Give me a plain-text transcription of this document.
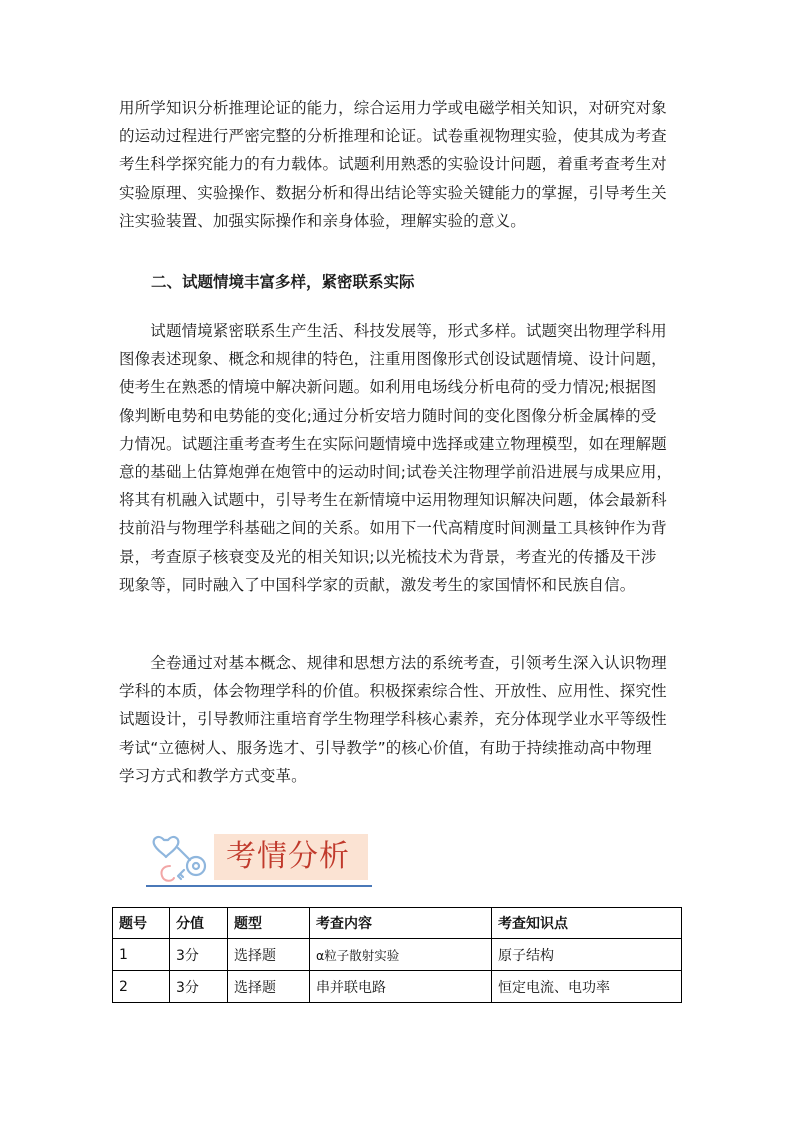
用所学知识分析推理论证的能力，综合运用力学或电磁学相关知识，对研究对象
的运动过程进行严密完整的分析推理和论证。试卷重视物理实验，使其成为考查
考生科学探究能力的有力载体。试题利用熟悉的实验设计问题，着重考查考生对
实验原理、实验操作、数据分析和得出结论等实验关键能力的掌握，引导考生关
注实验装置、加强实际操作和亲身体验，理解实验的意义。

二、试题情境丰富多样，紧密联系实际

　　试题情境紧密联系生产生活、科技发展等，形式多样。试题突出物理学科用
图像表述现象、概念和规律的特色，注重用图像形式创设试题情境、设计问题，
使考生在熟悉的情境中解决新问题。如利用电场线分析电荷的受力情况;根据图
像判断电势和电势能的变化;通过分析安培力随时间的变化图像分析金属棒的受
力情况。试题注重考查考生在实际问题情境中选择或建立物理模型，如在理解题
意的基础上估算炮弹在炮管中的运动时间;试卷关注物理学前沿进展与成果应用，
将其有机融入试题中，引导考生在新情境中运用物理知识解决问题，体会最新科
技前沿与物理学科基础之间的关系。如用下一代高精度时间测量工具核钟作为背
景，考查原子核衰变及光的相关知识;以光梳技术为背景，考查光的传播及干涉
现象等，同时融入了中国科学家的贡献，激发考生的家国情怀和民族自信。

　　全卷通过对基本概念、规律和思想方法的系统考查，引领考生深入认识物理
学科的本质，体会物理学科的价值。积极探索综合性、开放性、应用性、探究性
试题设计，引导教师注重培育学生物理学科核心素养，充分体现学业水平等级性
考试“立德树人、服务选才、引导教学”的核心价值，有助于持续推动高中物理
学习方式和教学方式变革。

考情分析
题号	分值	题型	考查内容	考查知识点
1	3分	选择题	α粒子散射实验	原子结构
2	3分	选择题	串并联电路	恒定电流、电功率
